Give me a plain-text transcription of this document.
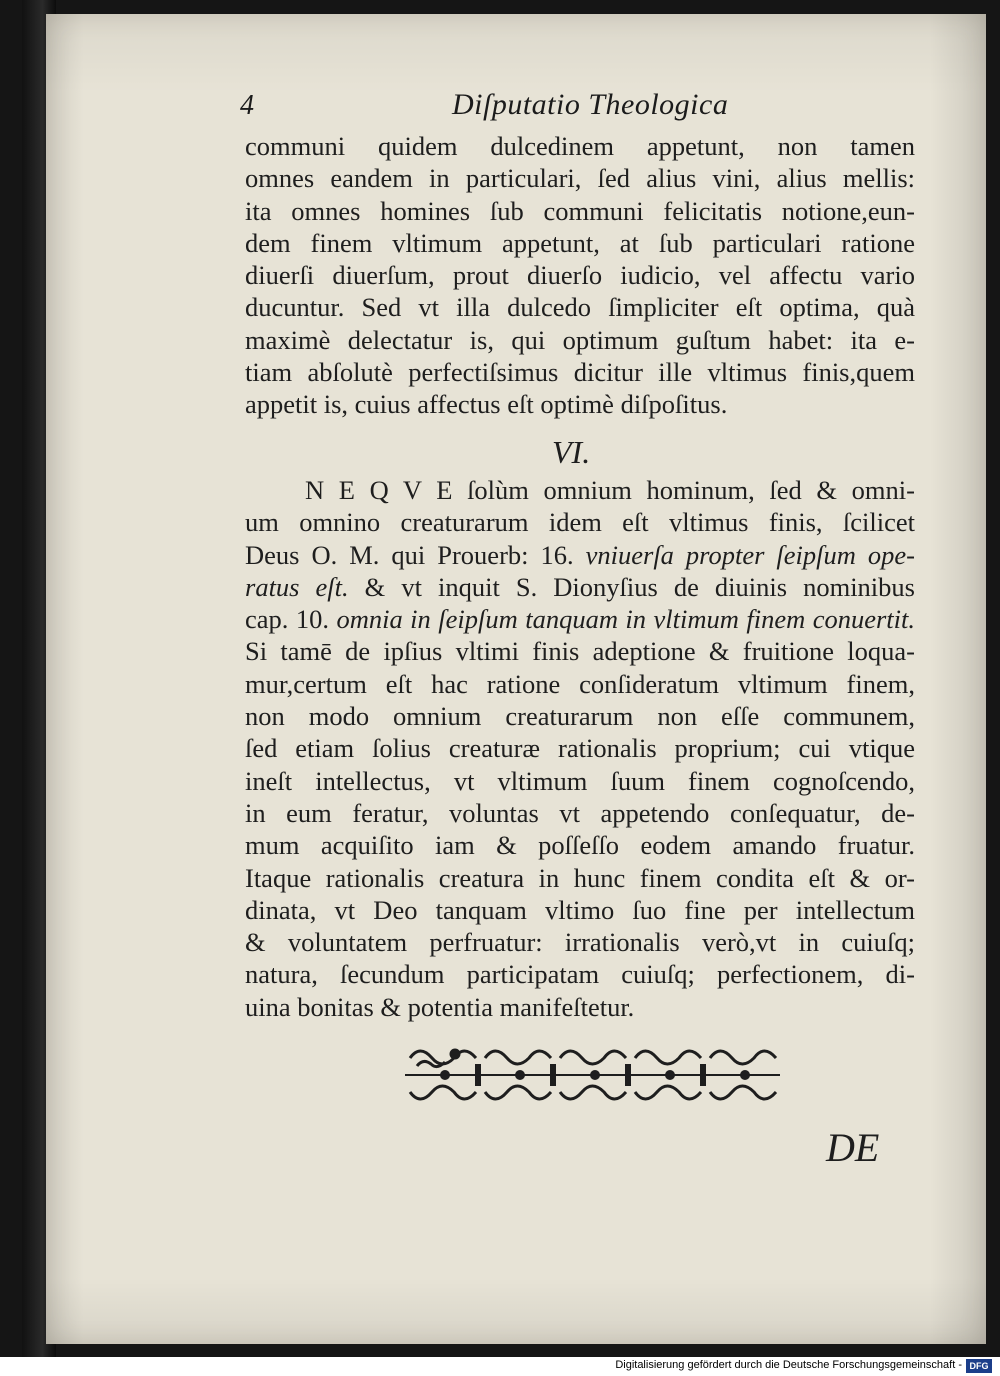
4	Diſputatio Theologica
communi quidem dulcedinem appetunt, non tamen
omnes eandem in particulari, ſed alius vini, alius mellis:
ita omnes homines ſub communi felicitatis notione,eun-
dem finem vltimum appetunt, at ſub particulari ratione
diuerſi diuerſum, prout diuerſo iudicio, vel affectu vario
ducuntur. Sed vt illa dulcedo ſimpliciter eſt optima, quà
maximè delectatur is, qui optimum guſtum habet: ita e-
tiam abſolutè perfectiſsimus dicitur ille vltimus finis,quem
appetit is, cuius affectus eſt optimè diſpoſitus.
VI.
N E Q V E ſolùm omnium hominum, ſed & omni-
um omnino creaturarum idem eſt vltimus finis, ſcilicet
Deus O. M. qui Prouerb: 16. vniuerſa propter ſeipſum ope-
ratus eſt. & vt inquit S. Dionyſius de diuinis nominibus
cap. 10. omnia in ſeipſum tanquam in vltimum finem conuertit.
Si tamē de ipſius vltimi finis adeptione & fruitione loqua-
mur,certum eſt hac ratione conſideratum vltimum finem,
non modo omnium creaturarum non eſſe communem,
ſed etiam ſolius creaturæ rationalis proprium; cui vtique
ineſt intellectus, vt vltimum ſuum finem cognoſcendo,
in eum feratur, voluntas vt appetendo conſequatur, de-
mum acquiſito iam & poſſeſſo eodem amando fruatur.
Itaque rationalis creatura in hunc finem condita eſt & or-
dinata, vt Deo tanquam vltimo ſuo fine per intellectum
& voluntatem perfruatur: irrationalis verò,vt in cuiuſq;
natura, ſecundum participatam cuiuſq; perfectionem, di-
uina bonitas & potentia manifeſtetur.
DE
Digitalisierung gefördert durch die Deutsche Forschungsgemeinschaft - DFG
